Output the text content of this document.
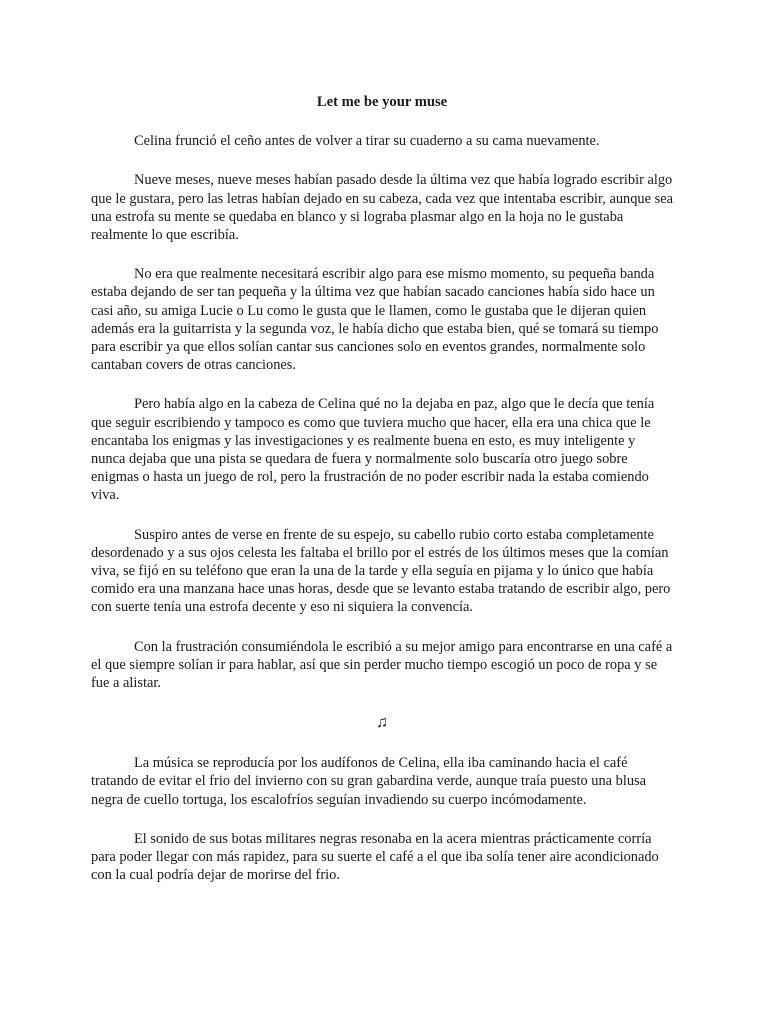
Let me be your muse

Celina frunció el ceño antes de volver a tirar su cuaderno a su cama nuevamente.

Nueve meses, nueve meses habían pasado desde la última vez que había logrado escribir algo que le gustara, pero las letras habían dejado en su cabeza, cada vez que intentaba escribir, aunque sea una estrofa su mente se quedaba en blanco y si lograba plasmar algo en la hoja no le gustaba realmente lo que escribía.

No era que realmente necesitará escribir algo para ese mismo momento, su pequeña banda estaba dejando de ser tan pequeña y la última vez que habían sacado canciones había sido hace un casi año, su amiga Lucie o Lu como le gusta que le llamen, como le gustaba que le dijeran quien además era la guitarrista y la segunda voz, le había dicho que estaba bien, qué se tomará su tiempo para escribir ya que ellos solían cantar sus canciones solo en eventos grandes, normalmente solo cantaban covers de otras canciones.

Pero había algo en la cabeza de Celina qué no la dejaba en paz, algo que le decía que tenía que seguir escribiendo y tampoco es como que tuviera mucho que hacer, ella era una chica que le encantaba los enigmas y las investigaciones y es realmente buena en esto, es muy inteligente y nunca dejaba que una pista se quedara de fuera y normalmente solo buscaría otro juego sobre enigmas o hasta un juego de rol, pero la frustración de no poder escribir nada la estaba comiendo viva.

Suspiro antes de verse en frente de su espejo, su cabello rubio corto estaba completamente desordenado y a sus ojos celesta les faltaba el brillo por el estrés de los últimos meses que la comían viva, se fijó en su teléfono que eran la una de la tarde y ella seguía en pijama y lo único que había comido era una manzana hace unas horas, desde que se levanto estaba tratando de escribir algo, pero con suerte tenía una estrofa decente y eso ni siquiera la convencía.

Con la frustración consumiéndola le escribió a su mejor amigo para encontrarse en una café a el que siempre solían ir para hablar, así que sin perder mucho tiempo escogió un poco de ropa y se fue a alistar.

♫

La música se reproducía por los audífonos de Celina, ella iba caminando hacia el café tratando de evitar el frio del invierno con su gran gabardina verde, aunque traía puesto una blusa negra de cuello tortuga, los escalofríos seguían invadiendo su cuerpo incómodamente.

El sonido de sus botas militares negras resonaba en la acera mientras prácticamente corría para poder llegar con más rapidez, para su suerte el café a el que iba solía tener aire acondicionado con la cual podría dejar de morirse del frio.
